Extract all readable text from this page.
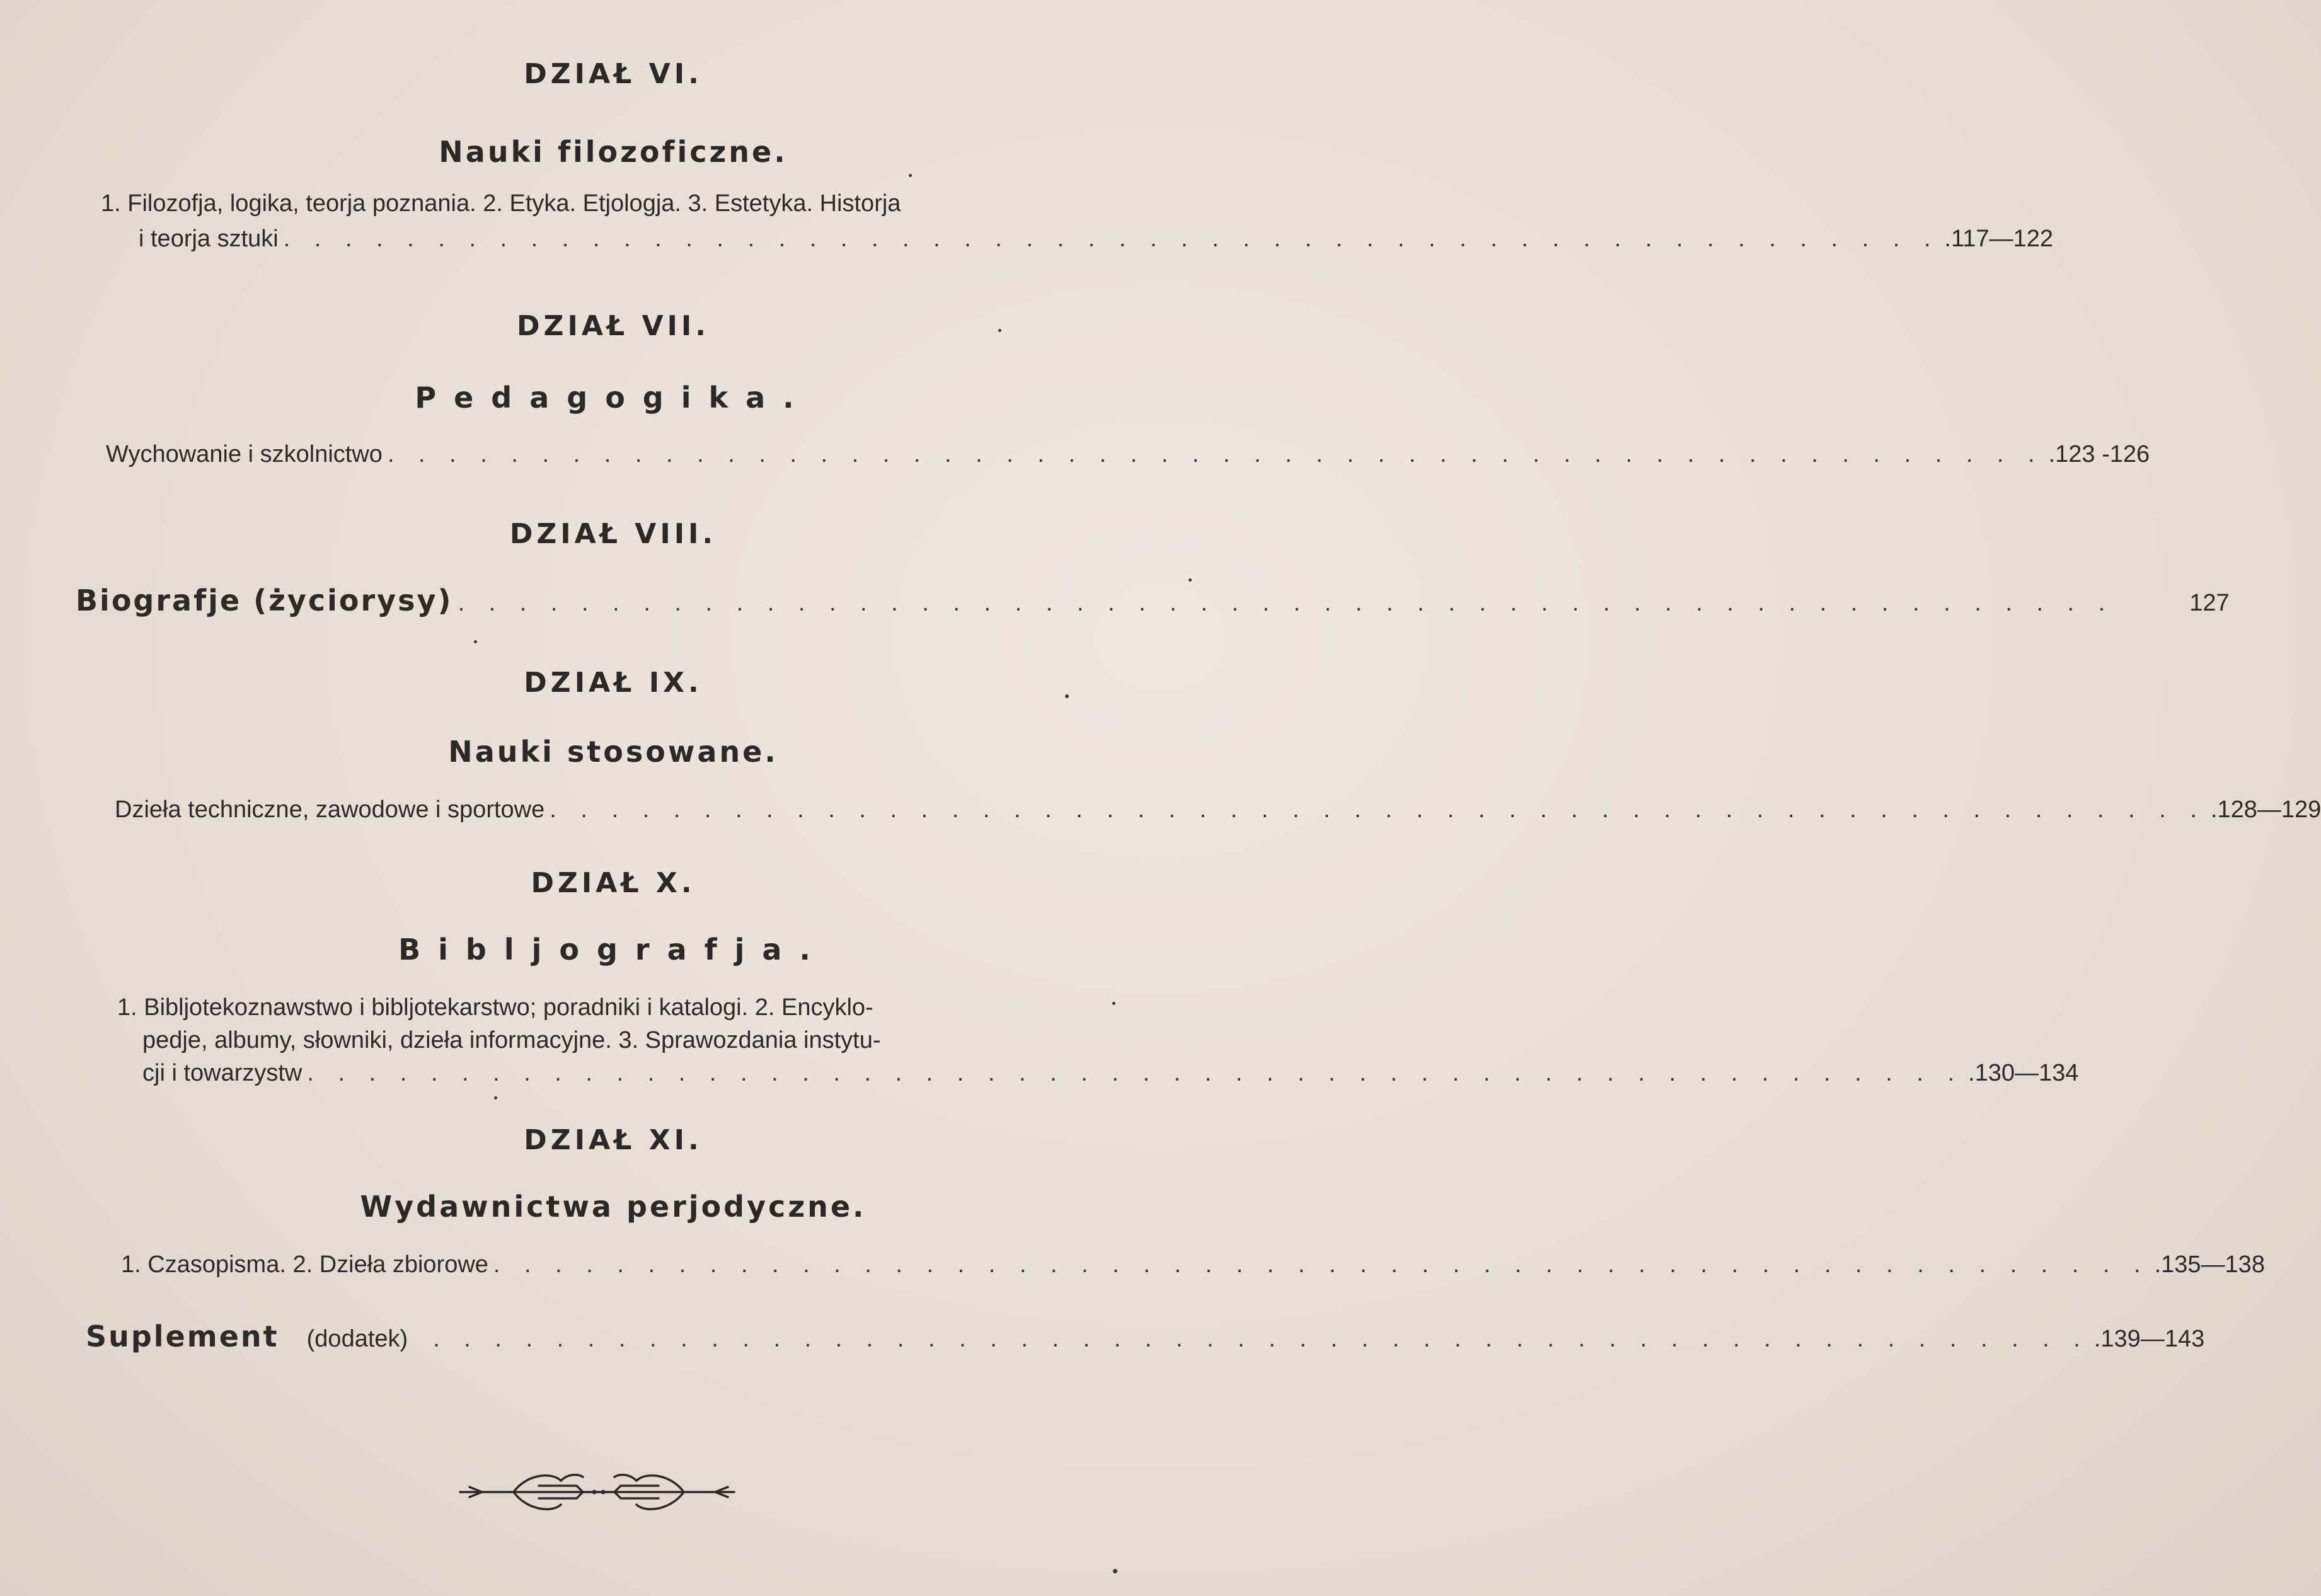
DZIAŁ VI.
Nauki filozoficzne.
1. Filozofja, logika, teorja poznania. 2. Etyka. Etjologja. 3. Estetyka. Historja
i teorja sztuki . . . . . . . . . . . . . . . . . . . . . . . . . . . . . . . . . . . . . . . . . . . . . . . . . . . . . . .117—122
DZIAŁ VII.
Pedagogika.
Wychowanie i szkolnictwo . . . . . . . . . . . . . . . . . . . . . . . . . . . . . . . . . . . . . . . . . . . . . . . . . . . . . . .123 -126
DZIAŁ VIII.
Biografje (życiorysy) . . . . . . . . . . . . . . . . . . . . . . . . . . . . . . . . . . . . . . . . . . . . . . . . . . . . . .	127
DZIAŁ IX.
Nauki stosowane.
Dzieła techniczne, zawodowe i sportowe . . . . . . . . . . . . . . . . . . . . . . . . . . . . . . . . . . . . . . . . . . . . . . . . . . . . . . .128—129
DZIAŁ X.
Bibljografja.
1. Bibljotekoznawstwo i bibljotekarstwo; poradniki i katalogi. 2. Encyklo-
pedje, albumy, słowniki, dzieła informacyjne. 3. Sprawozdania instytu-
cji i towarzystw . . . . . . . . . . . . . . . . . . . . . . . . . . . . . . . . . . . . . . . . . . . . . . . . . . . . . . .130—134
DZIAŁ XI.
Wydawnictwa perjodyczne.
1. Czasopisma. 2. Dzieła zbiorowe . . . . . . . . . . . . . . . . . . . . . . . . . . . . . . . . . . . . . . . . . . . . . . . . . . . . . . .135—138
Suplement (dodatek) . . . . . . . . . . . . . . . . . . . . . . . . . . . . . . . . . . . . . . . . . . . . . . . . . . . . . . .139—143
